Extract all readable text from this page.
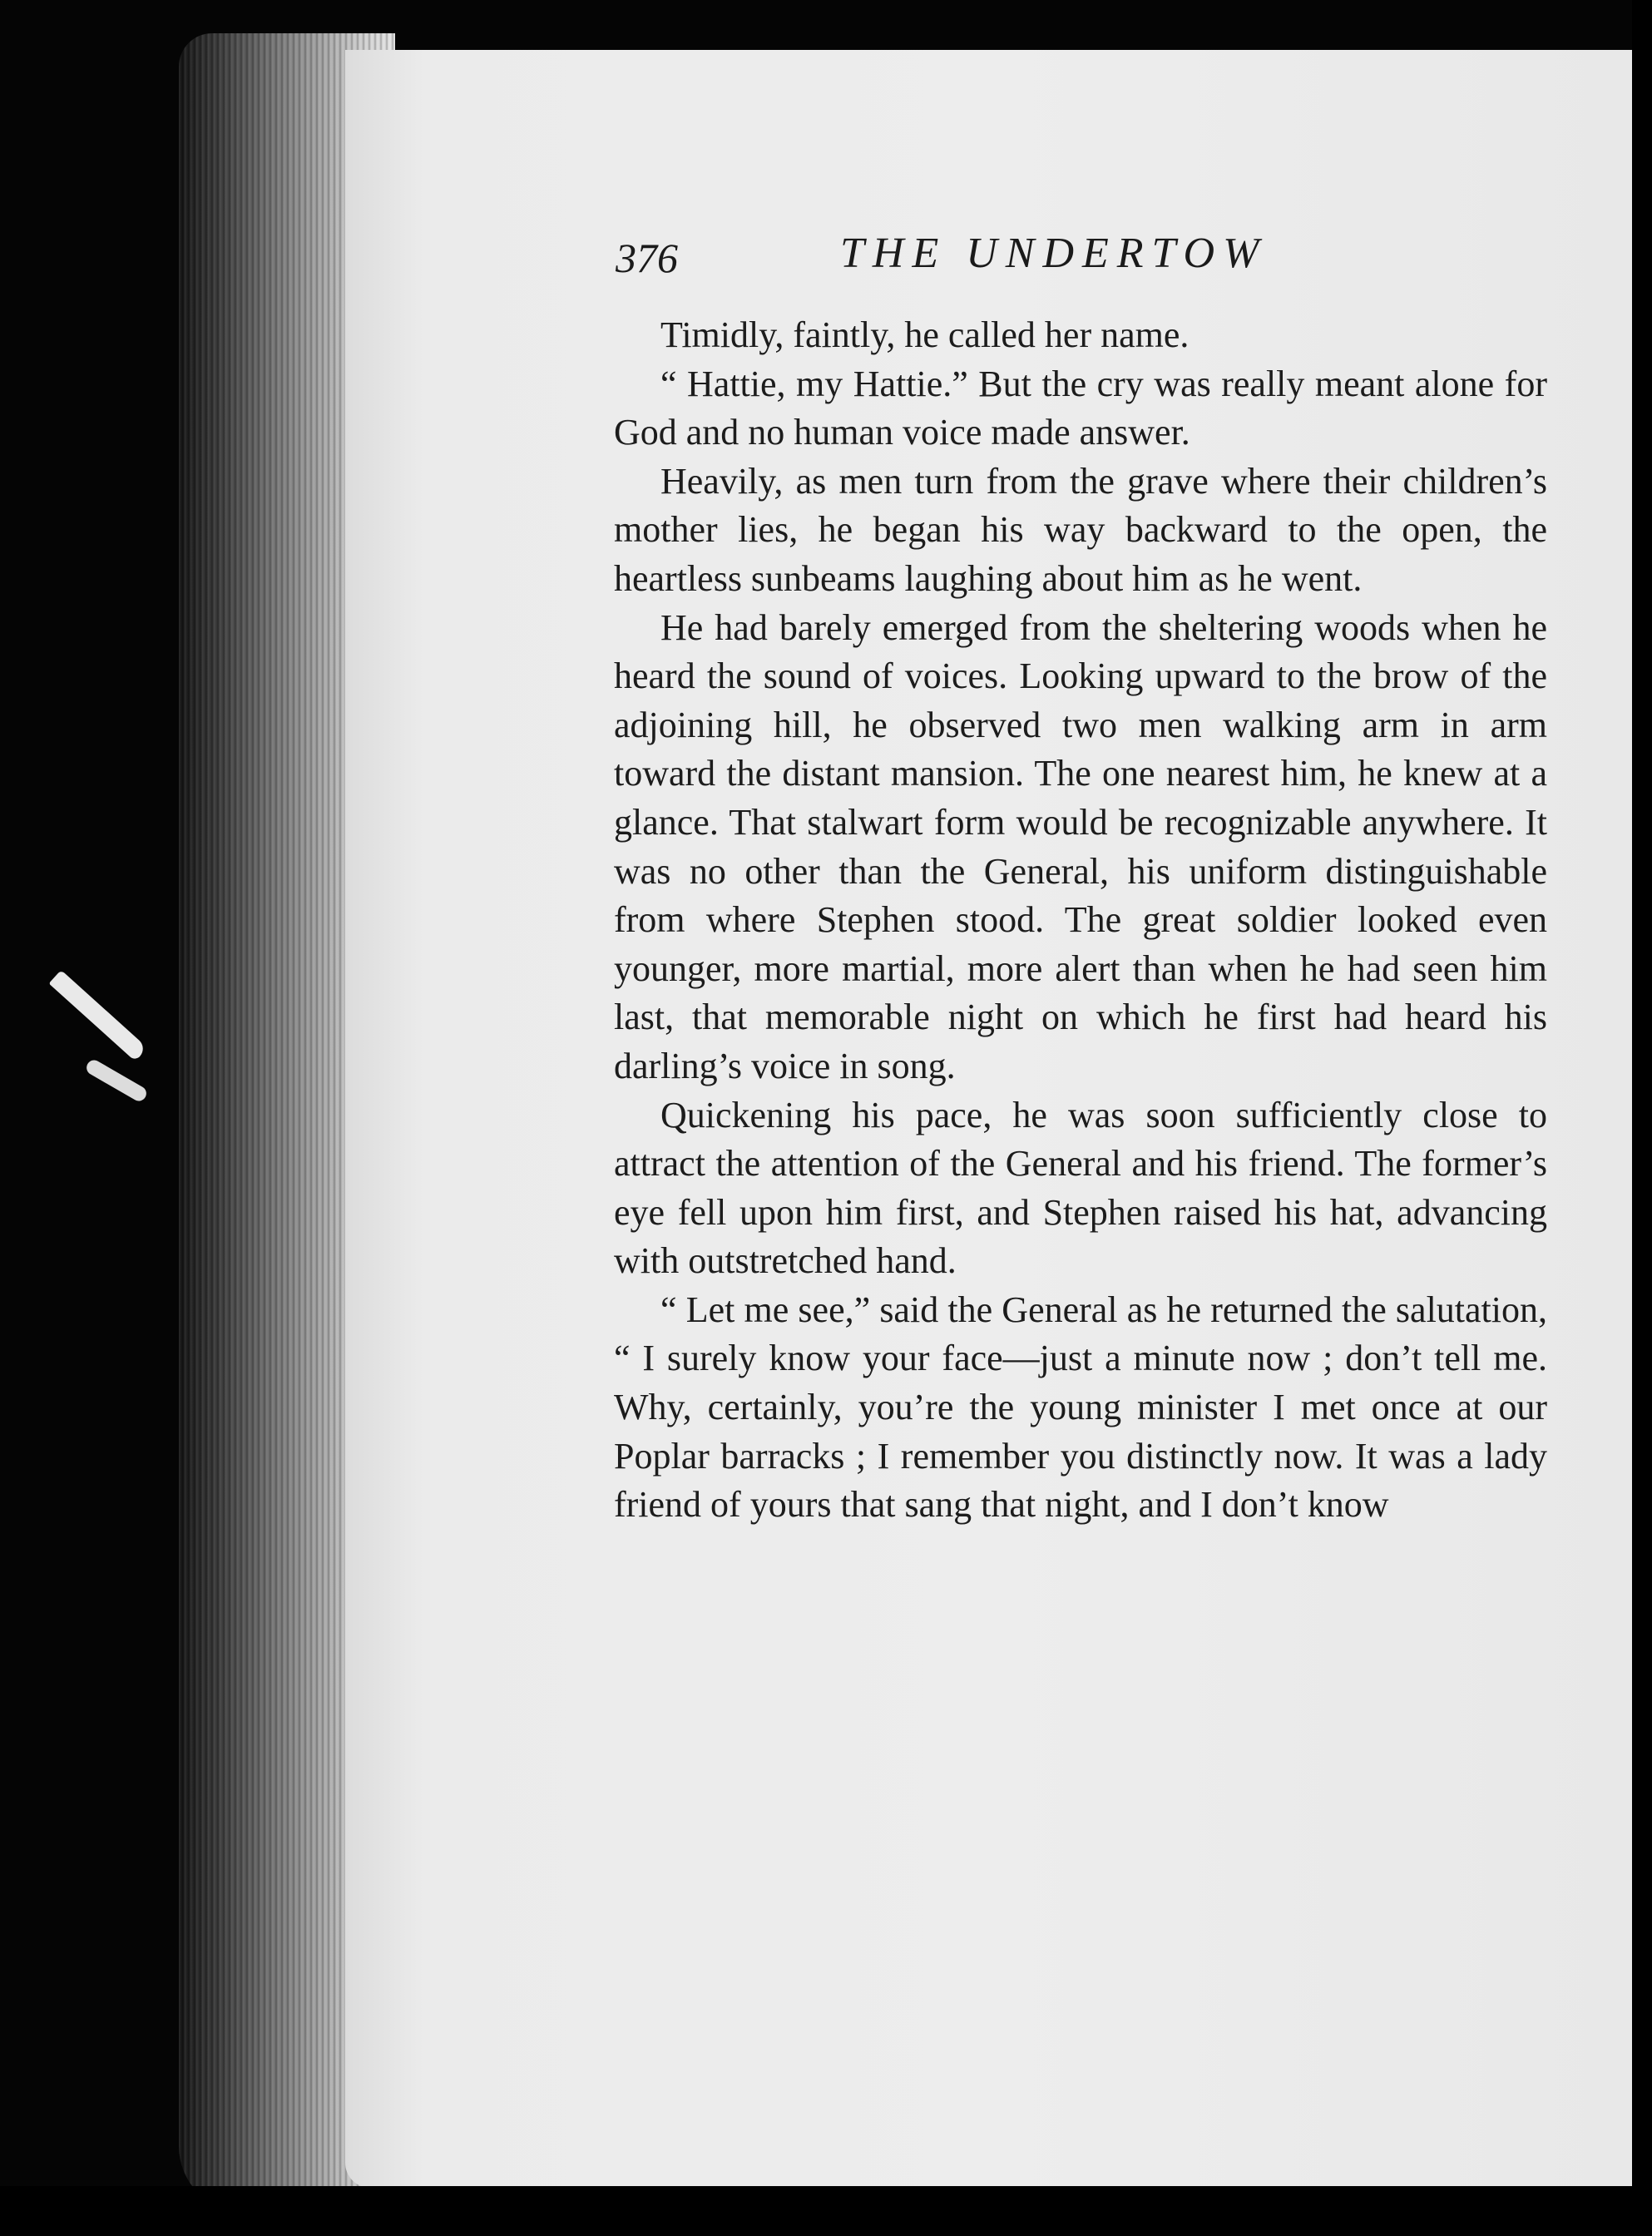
376	THE UNDERTOW

Timidly, faintly, he called her name.

“ Hattie, my Hattie.” But the cry was really meant alone for God and no human voice made answer.

Heavily, as men turn from the grave where their children’s mother lies, he began his way backward to the open, the heartless sunbeams laughing about him as he went.

He had barely emerged from the sheltering woods when he heard the sound of voices. Looking upward to the brow of the adjoining hill, he observed two men walking arm in arm toward the distant mansion. The one nearest him, he knew at a glance. That stalwart form would be recognizable anywhere. It was no other than the General, his uniform distinguishable from where Stephen stood. The great soldier looked even younger, more martial, more alert than when he had seen him last, that memorable night on which he first had heard his darling’s voice in song.

Quickening his pace, he was soon sufficiently close to attract the attention of the General and his friend. The former’s eye fell upon him first, and Stephen raised his hat, advancing with outstretched hand.

“ Let me see,” said the General as he returned the salutation, “ I surely know your face—just a minute now ; don’t tell me. Why, certainly, you’re the young minister I met once at our Poplar barracks ; I remember you distinctly now. It was a lady friend of yours that sang that night, and I don’t know
